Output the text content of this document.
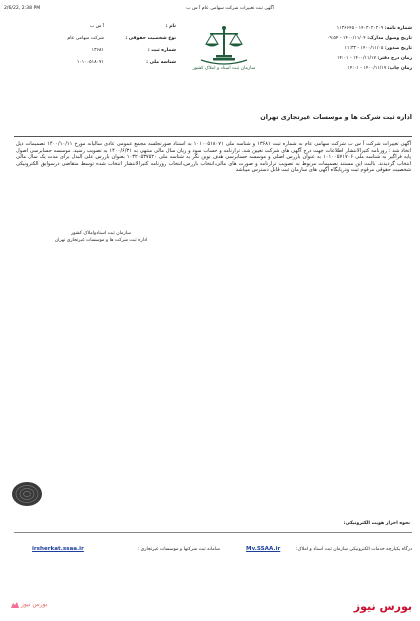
2/6/22, 2:38 PM	آگهی ثبت تغییرات شرکت سهامی عام آ س ب
شماره نامه: ۱۴۰۳۰۲۰۲۰۹ - ۱۱۳۶۶۴۵
تاریخ وصول مدارک: ۱۴۰۰/۱۱/۰۴ - ۰۹:۵۴
تاریخ صدور: ۱۴۰۰/۱۱/۰۵ - ۱۱:۳۳
زمان درج دفتر: ۱۴۰۰/۱۱/۱۷ - ۱۴:۰۱
زمان چاپ: ۱۴۰۰/۱۱/۱۷ - ۱۴:۰۱
سازمان ثبت اسناد و املاک کشور
نام :
آ س ب
نوع شخصیت حقوقی :
شرکت سهامی عام
شماره ثبت :
۱۳۶۸۱
شناسه ملی :
۱۰۱۰۰۵۱۸۰۷۱
اداره ثبت شرکت ها و موسسات غیرتجاری تهران
آگهی تغییرات شرکت آ س ب شرکت سهامی عام به شماره ثبت ۱۳۶۸۱ و شناسه ملی ۱۰۱۰۰۵۱۸۰۷۱ به استناد صورتجلسه مجمع عمومی عادی سالیانه مورخ ۱۴۰۰/۱۰/۱۱ تصمیمات ذیل اتخاذ شد : روزنامه کثیرالانتشار اطلاعات جهت درج آگهی های شرکت تعیین شد. ترازنامه و حساب سود و زیان سال مالی منتهی به ۱۴۰۰/۶/۳۱ به تصویب رسید. موسسه حسابرسی اصول پایه فراگیر به شناسه ملی ۱۰۱۰۰۵۷۱۷۰۶ به عنوان بازرس اصلی و موسسه حسابرسی هدف نوین نگر به شناسه ملی ۱۰۳۲۰۵۳۷۵۲۰ بعنوان بازرس علی البدل برای مدت یک سال مالی انتخاب گردیدند. بالبت این مستند تصمیمات مربوط به تصویب ترازنامه و صورت های مالی،انتخاب بازرس،انتخاب روزنامه کثیرالانتشار انتخاب شده توسط متقاضی درسوابق الکترونیکی شخصیت حقوقی مرقوم ثبت ودرپایگاه آگهی های سازمان ثبت قابل دسترس میباشد
سازمان ثبت اسنادواملاک کشور
اداره ثبت شرکت ها و موسسات غیرتجاری تهران
نحوه احراز هویت الکترونیکی:
irsherkat.ssaa.ir	سامانه ثبت شرکتها و موسسات غیرتجاری :	Mv.SSAA.ir	درگاه یکپارچه خدمات الکترونیکی سازمان ثبت اسناد و املاک:
بورس نیوز	بورس نیوز
